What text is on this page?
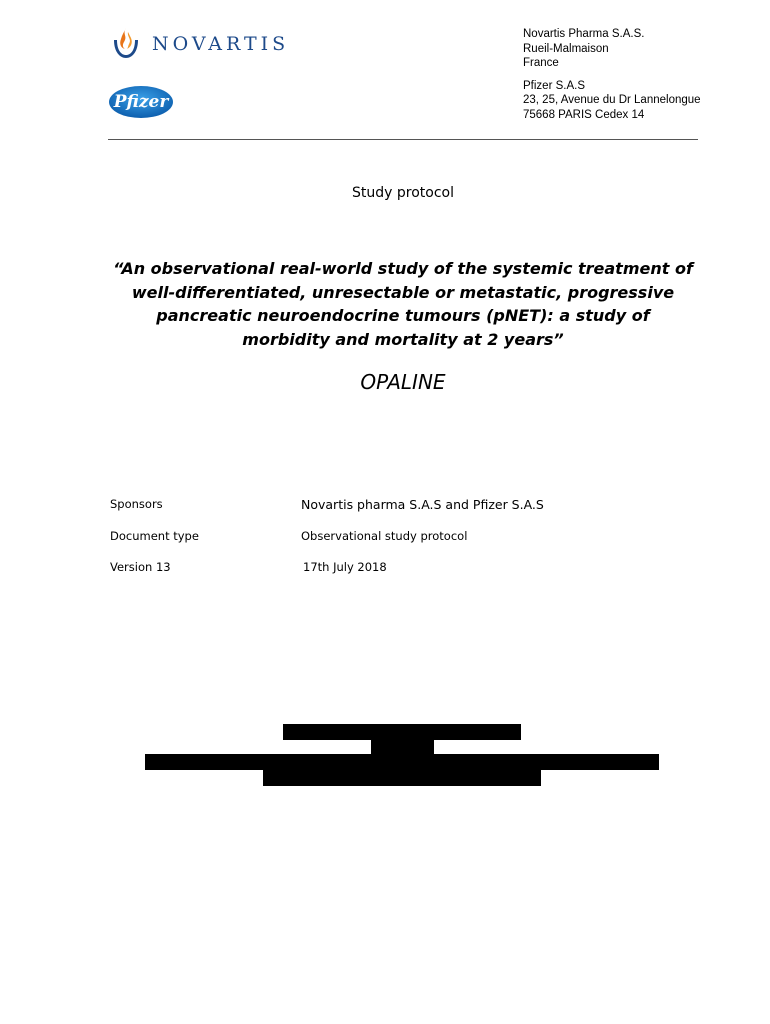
NOVARTIS
Pfizer
Novartis Pharma S.A.S.
Rueil-Malmaison
France
Pfizer S.A.S
23, 25, Avenue du Dr Lannelongue
75668 PARIS Cedex 14
Study protocol
“An observational real-world study of the systemic treatment of well-differentiated, unresectable or metastatic, progressive pancreatic neuroendocrine tumours (pNET): a study of morbidity and mortality at 2 years”
OPALINE
Sponsors	Novartis pharma S.A.S and Pfizer S.A.S
Document type	Observational study protocol
Version 13	17th July 2018
